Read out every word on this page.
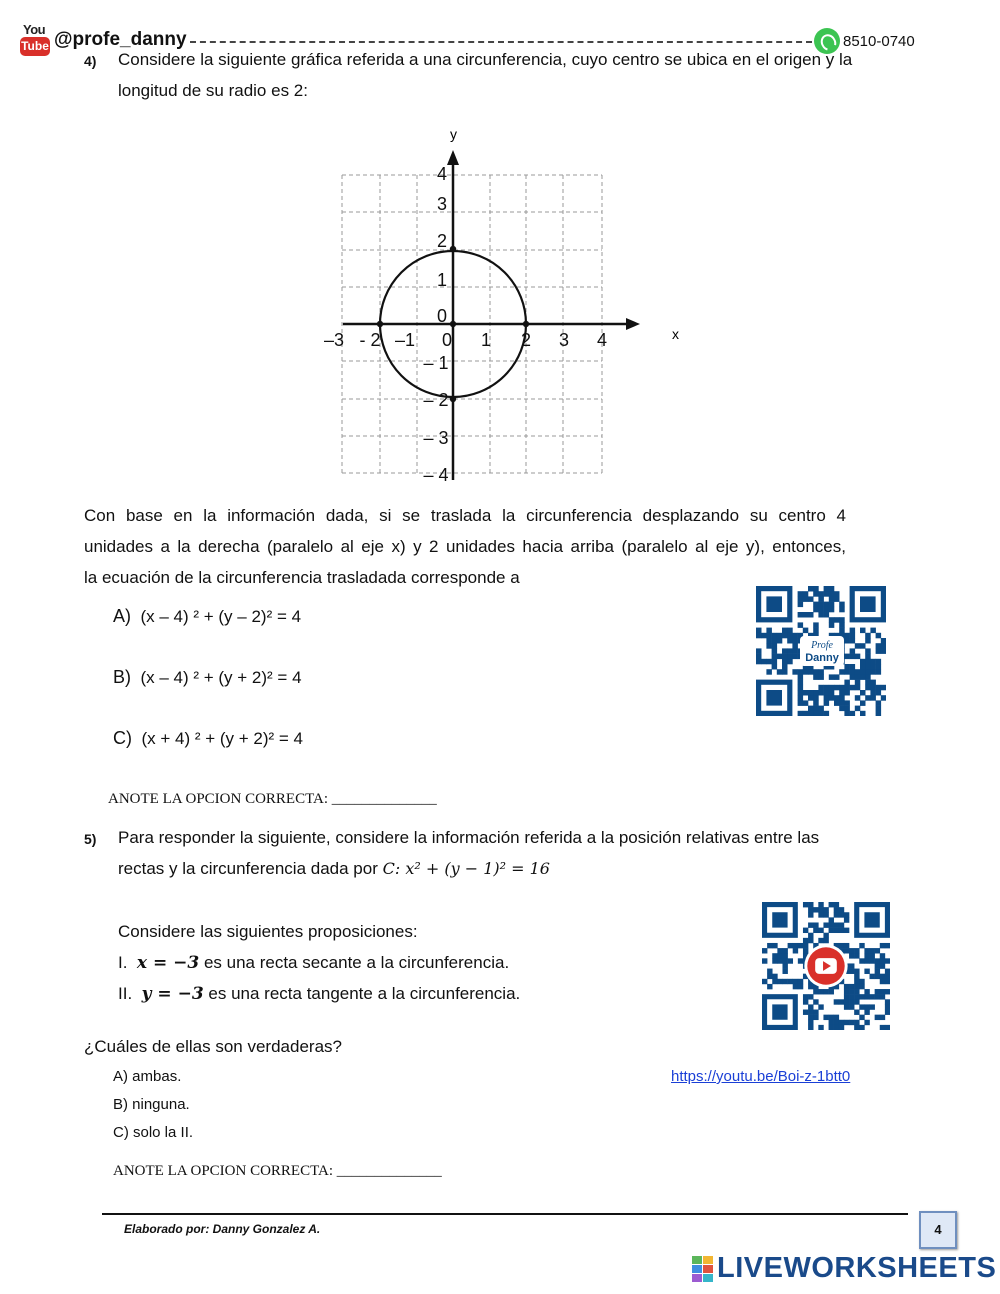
You
Tube @profe_danny	8510-0740
4) Considere la siguiente gráfica referida a una circunferencia, cuyo centro se ubica en el origen y la
longitud de su radio es 2:
–3 - 2 –1 0 1 2 3 4
4
3
2
1
0
– 1
– 2
– 3
– 4
x
y
Con base en la información dada, si se traslada la circunferencia desplazando su centro 4
unidades a la derecha (paralelo al eje x) y 2 unidades hacia arriba (paralelo al eje y), entonces,
la ecuación de la circunferencia trasladada corresponde a
A) (x – 4) ² + (y – 2)² = 4
B) (x – 4) ² + (y + 2)² = 4
C) (x + 4) ² + (y + 2)² = 4
ANOTE LA OPCION CORRECTA: ______________
Profe
Danny
5) Para responder la siguiente, considere la información referida a la posición relativas entre las
rectas y la circunferencia dada por C: x² + (y − 1)² = 16
Considere las siguientes proposiciones:
I. x = −3 es una recta secante a la circunferencia.
II. y = −3 es una recta tangente a la circunferencia.
¿Cuáles de ellas son verdaderas?
A) ambas.
B) ninguna.
C) solo la II.
https://youtu.be/Boi-z-1btt0
ANOTE LA OPCION CORRECTA: ______________
Elaborado por: Danny Gonzalez A.	4
LIVEWORKSHEETS
